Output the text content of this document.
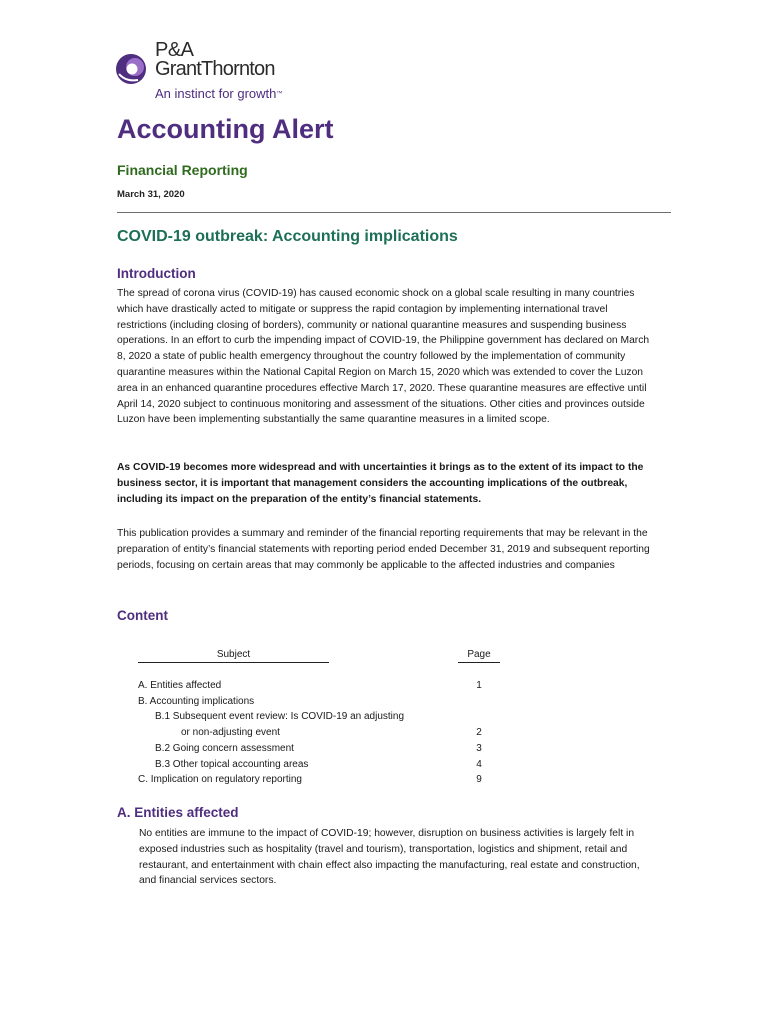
P&A
GrantThornton
An instinct for growth™
Accounting Alert
Financial Reporting
March 31, 2020
COVID-19 outbreak: Accounting implications
Introduction

The spread of corona virus (COVID-19) has caused economic shock on a global scale resulting in many countries which have drastically acted to mitigate or suppress the rapid contagion by implementing international travel restrictions (including closing of borders), community or national quarantine measures and suspending business operations. In an effort to curb the impending impact of COVID-19, the Philippine government has declared on March 8, 2020 a state of public health emergency throughout the country followed by the implementation of community quarantine measures within the National Capital Region on March 15, 2020 which was extended to cover the Luzon area in an enhanced quarantine procedures effective March 17, 2020. These quarantine measures are effective until April 14, 2020 subject to continuous monitoring and assessment of the situations. Other cities and provinces outside Luzon have been implementing substantially the same quarantine measures in a limited scope.

As COVID-19 becomes more widespread and with uncertainties it brings as to the extent of its impact to the business sector, it is important that management considers the accounting implications of the outbreak, including its impact on the preparation of the entity’s financial statements.

This publication provides a summary and reminder of the financial reporting requirements that may be relevant in the preparation of entity’s financial statements with reporting period ended December 31, 2019 and subsequent reporting periods, focusing on certain areas that may commonly be applicable to the affected industries and companies

Content
Subject	Page
A. Entities affected	1
B. Accounting implications
B.1 Subsequent event review: Is COVID-19 an adjusting
or non-adjusting event	2
B.2 Going concern assessment	3
B.3 Other topical accounting areas	4
C. Implication on regulatory reporting	9
A. Entities affected

No entities are immune to the impact of COVID-19; however, disruption on business activities is largely felt in exposed industries such as hospitality (travel and tourism), transportation, logistics and shipment, retail and restaurant, and entertainment with chain effect also impacting the manufacturing, real estate and construction, and financial services sectors.
